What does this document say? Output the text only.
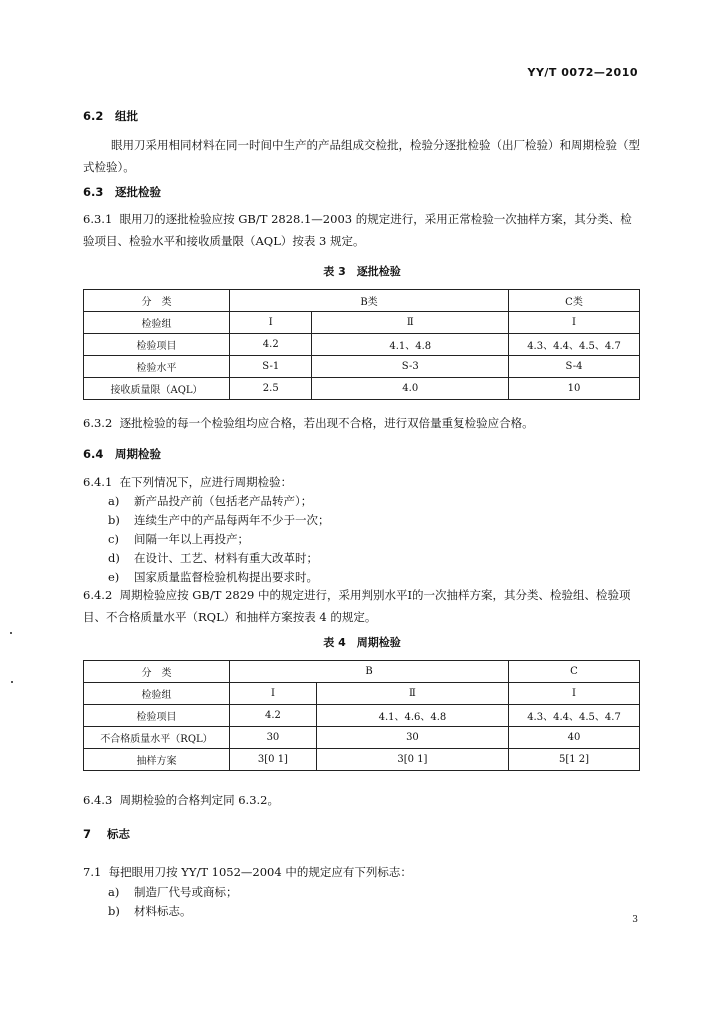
YY/T 0072—2010
6.2 组批
眼用刀采用相同材料在同一时间中生产的产品组成交检批，检验分逐批检验（出厂检验）和周期检验（型式检验）。
6.3 逐批检验
6.3.1 眼用刀的逐批检验应按 GB/T 2828.1—2003 的规定进行，采用正常检验一次抽样方案，其分类、检验项目、检验水平和接收质量限（AQL）按表 3 规定。
表 3　逐批检验
分　类	B类		C类
检验组	Ⅰ	Ⅱ	Ⅰ
检验项目	4.2	4.1、4.8	4.3、4.4、4.5、4.7
检验水平	S-1	S-3	S-4
接收质量限（AQL）	2.5	4.0	10
6.3.2 逐批检验的每一个检验组均应合格，若出现不合格，进行双倍量重复检验应合格。
6.4 周期检验
6.4.1 在下列情况下，应进行周期检验：
a) 新产品投产前（包括老产品转产）；
b) 连续生产中的产品每两年不少于一次；
c) 间隔一年以上再投产；
d) 在设计、工艺、材料有重大改革时；
e) 国家质量监督检验机构提出要求时。
6.4.2 周期检验应按 GB/T 2829 中的规定进行，采用判别水平Ⅰ的一次抽样方案，其分类、检验组、检验项目、不合格质量水平（RQL）和抽样方案按表 4 的规定。
表 4　周期检验
分　类	B		C
检验组	Ⅰ	Ⅱ	Ⅰ
检验项目	4.2	4.1、4.6、4.8	4.3、4.4、4.5、4.7
不合格质量水平（RQL）	30	30	40
抽样方案	3[0 1]	3[0 1]	5[1 2]
6.4.3 周期检验的合格判定同 6.3.2。
7 标志
7.1 每把眼用刀按 YY/T 1052—2004 中的规定应有下列标志：
a) 制造厂代号或商标；
b) 材料标志。
3
